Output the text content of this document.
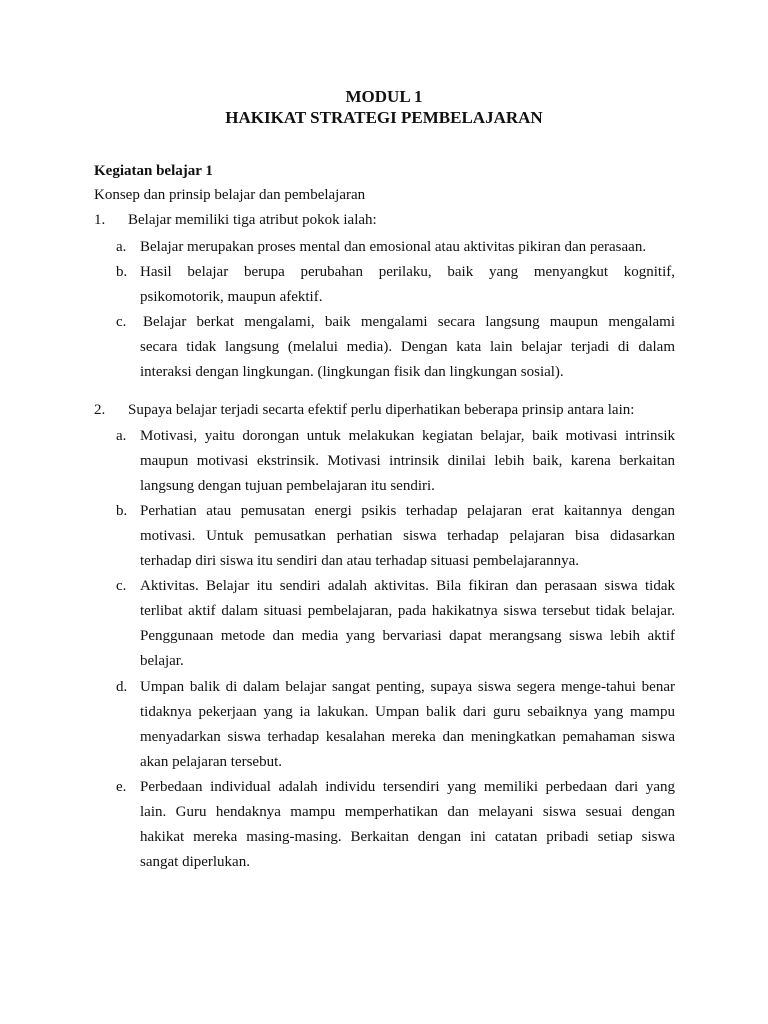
MODUL 1
HAKIKAT STRATEGI PEMBELAJARAN
Kegiatan belajar 1
Konsep dan prinsip belajar dan pembelajaran
1. Belajar memiliki tiga atribut pokok ialah:
a. Belajar merupakan proses mental dan emosional atau aktivitas pikiran dan perasaan.
b. Hasil belajar berupa perubahan perilaku, baik yang menyangkut kognitif,
psikomotorik, maupun afektif.
c. Belajar berkat mengalami, baik mengalami secara langsung maupun mengalami
secara tidak langsung (melalui media). Dengan kata lain belajar terjadi di dalam
interaksi dengan lingkungan. (lingkungan fisik dan lingkungan sosial).
2. Supaya belajar terjadi secarta efektif perlu diperhatikan beberapa prinsip antara lain:
a. Motivasi, yaitu dorongan untuk melakukan kegiatan belajar, baik motivasi intrinsik
maupun motivasi ekstrinsik. Motivasi intrinsik dinilai lebih baik, karena berkaitan
langsung dengan tujuan pembelajaran itu sendiri.
b. Perhatian atau pemusatan energi psikis terhadap pelajaran erat kaitannya dengan
motivasi. Untuk pemusatkan perhatian siswa terhadap pelajaran bisa didasarkan
terhadap diri siswa itu sendiri dan atau terhadap situasi pembelajarannya.
c. Aktivitas. Belajar itu sendiri adalah aktivitas. Bila fikiran dan perasaan siswa tidak
terlibat aktif dalam situasi pembelajaran, pada hakikatnya siswa tersebut tidak belajar.
Penggunaan metode dan media yang bervariasi dapat merangsang siswa lebih aktif
belajar.
d. Umpan balik di dalam belajar sangat penting, supaya siswa segera menge-tahui benar
tidaknya pekerjaan yang ia lakukan. Umpan balik dari guru sebaiknya yang mampu
menyadarkan siswa terhadap kesalahan mereka dan meningkatkan pemahaman siswa
akan pelajaran tersebut.
e. Perbedaan individual adalah individu tersendiri yang memiliki perbedaan dari yang
lain. Guru hendaknya mampu memperhatikan dan melayani siswa sesuai dengan
hakikat mereka masing-masing. Berkaitan dengan ini catatan pribadi setiap siswa
sangat diperlukan.
